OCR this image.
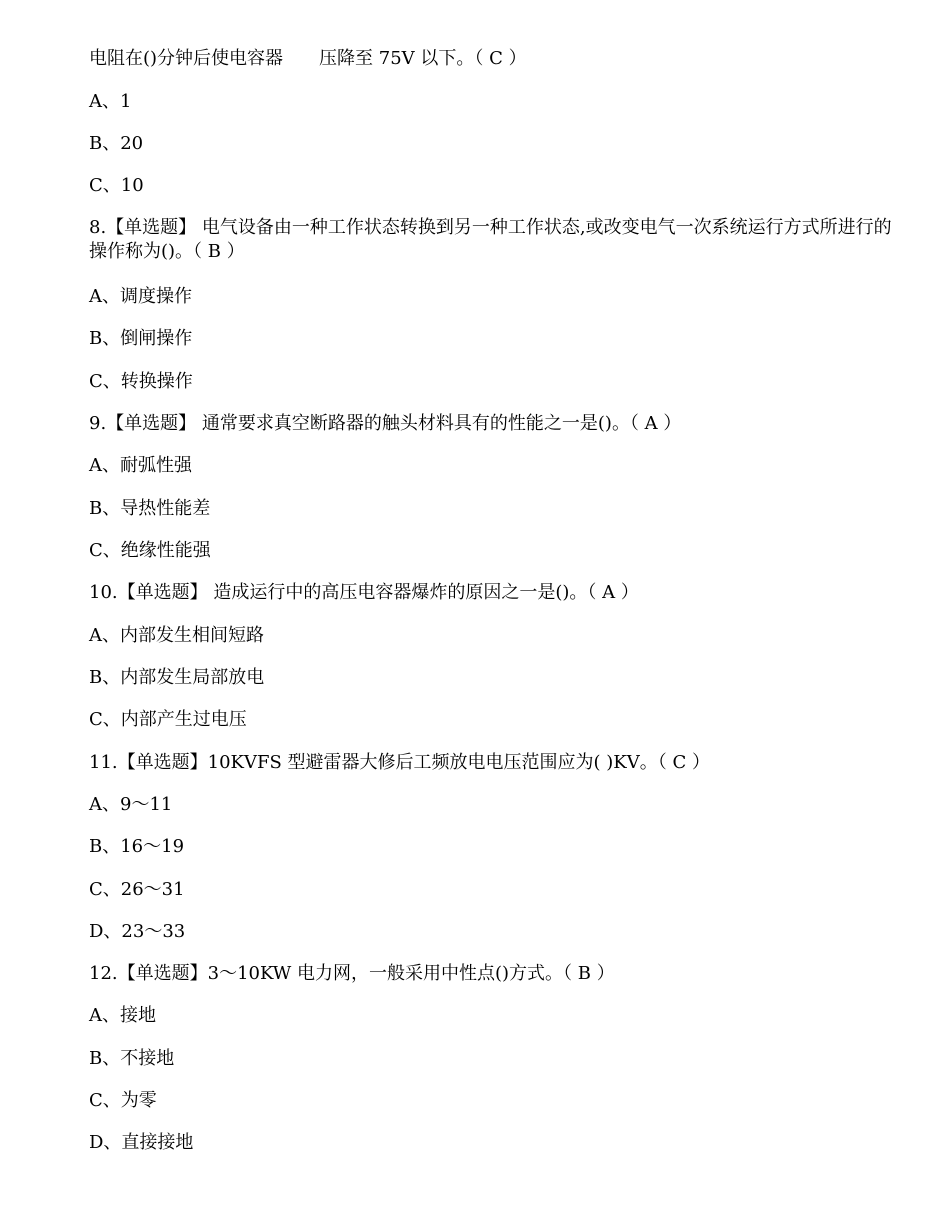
电阻在()分钟后使电容器 压降至 75V 以下。（ C ）
A、1
B、20
C、10
8.【单选题】 电气设备由一种工作状态转换到另一种工作状态,或改变电气一次系统运行方式所进行的操作称为()。（ B ）
A、调度操作
B、倒闸操作
C、转换操作
9.【单选题】 通常要求真空断路器的触头材料具有的性能之一是()。（ A ）
A、耐弧性强
B、导热性能差
C、绝缘性能强
10.【单选题】 造成运行中的高压电容器爆炸的原因之一是()。（ A ）
A、内部发生相间短路
B、内部发生局部放电
C、内部产生过电压
11.【单选题】10KVFS 型避雷器大修后工频放电电压范围应为( )KV。（ C ）
A、9～11
B、16～19
C、26～31
D、23～33
12.【单选题】3～10KW 电力网，一般采用中性点()方式。（ B ）
A、接地
B、不接地
C、为零
D、直接接地
